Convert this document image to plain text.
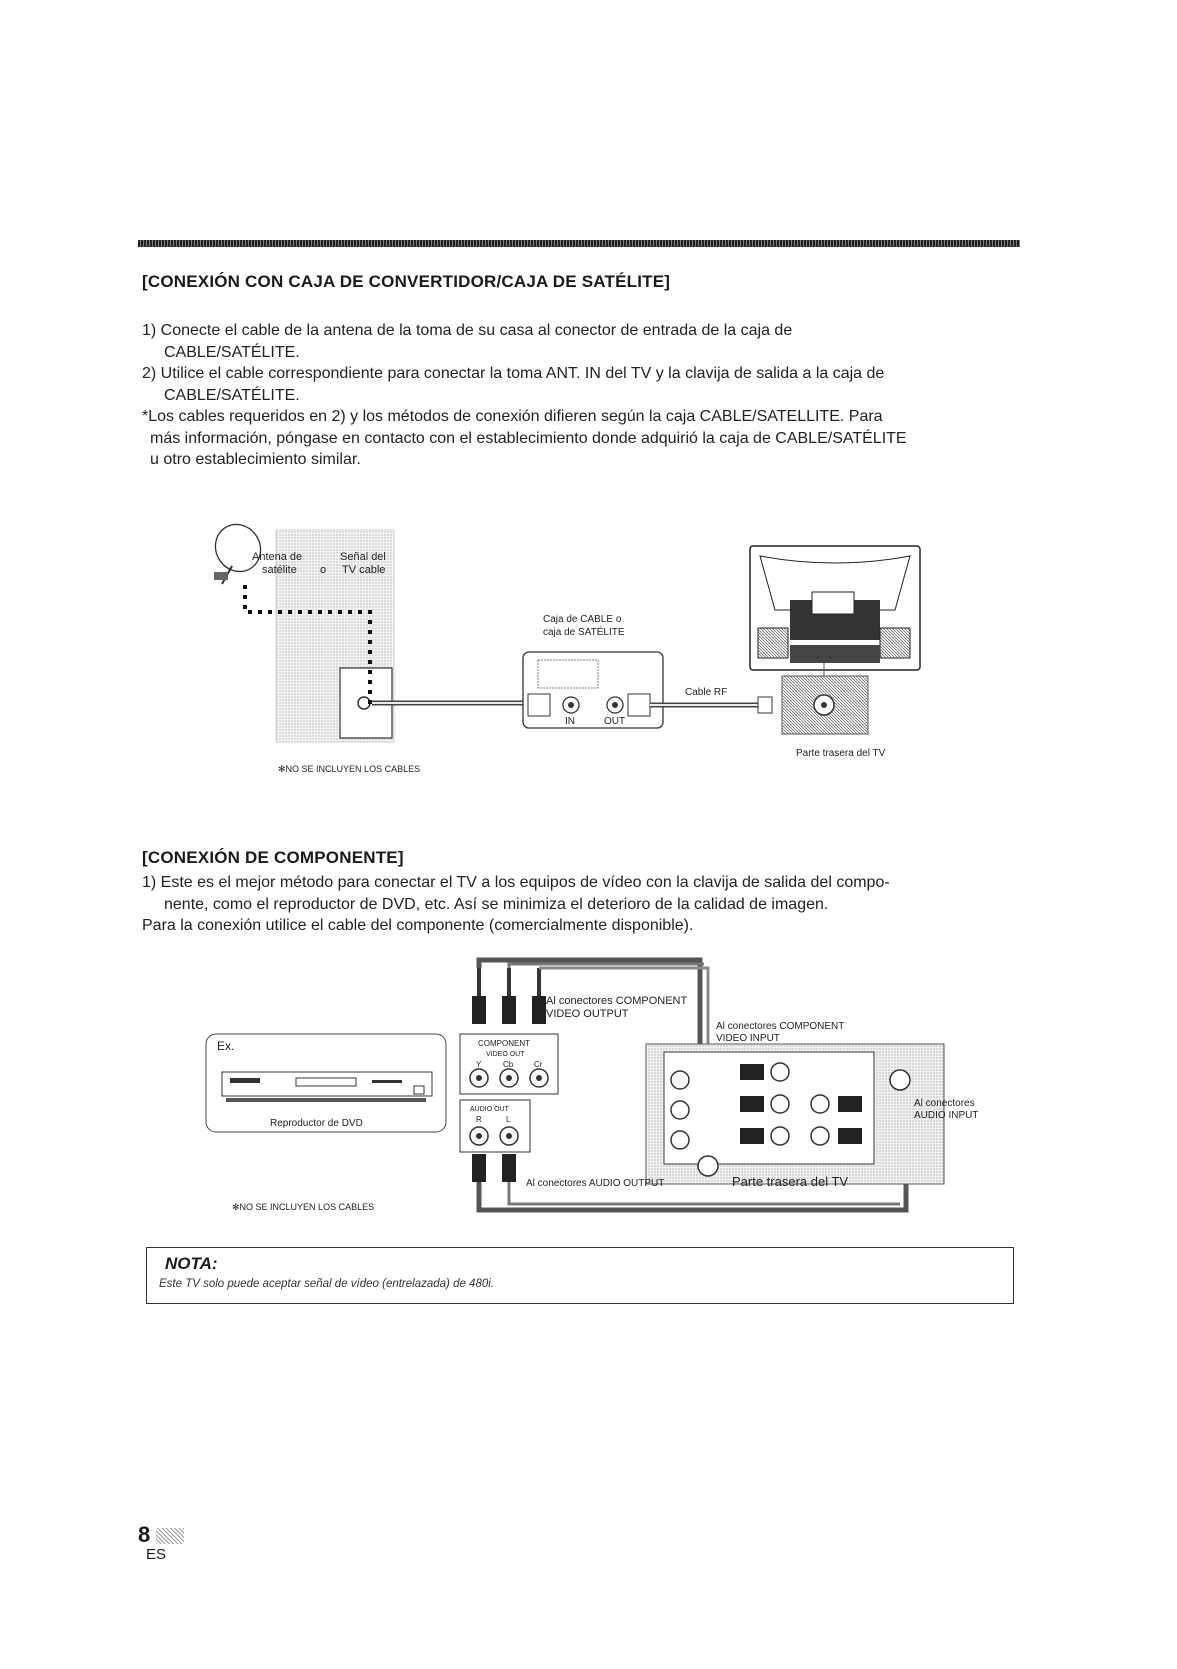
[CONEXIÓN CON CAJA DE CONVERTIDOR/CAJA DE SATÉLITE]

1) Conecte el cable de la antena de la toma de su casa al conector de entrada de la caja de

CABLE/SATÉLITE.

2) Utilice el cable correspondiente para conectar la toma ANT. IN del TV y la clavija de salida a la caja de

CABLE/SATÉLITE.

*Los cables requeridos en 2) y los métodos de conexión difieren según la caja CABLE/SATELLITE. Para

más información, póngase en contacto con el establecimiento donde adquirió la caja de CABLE/SATÉLITE

u otro establecimiento similar.

Antena de
satélite o
Señal del
TV cable
Caja de CABLE o
caja de SATÉLITE
IN	OUT
Cable RF
Parte trasera del TV
✻NO SE INCLUYEN LOS CABLES
[CONEXIÓN DE COMPONENTE]

1) Este es el mejor método para conectar el TV a los equipos de vídeo con la clavija de salida del compo-

nente, como el reproductor de DVD, etc. Así se minimiza el deterioro de la calidad de imagen.

Para la conexión utilice el cable del componente (comercialmente disponible).

Ex.
Reproductor de DVD
Al conectores COMPONENT
VIDEO OUTPUT
COMPONENT
VIDEO OUT
Y	Cb	Cr
AUDIO OUT
R	L
Al conectores COMPONENT
VIDEO INPUT
Al conectores
AUDIO INPUT
Al conectores AUDIO OUTPUT	Parte trasera del TV
✻NO SE INCLUYEN LOS CABLES
NOTA:
Este TV solo puede aceptar señal de vídeo (entrelazada) de 480i.
8
ES
